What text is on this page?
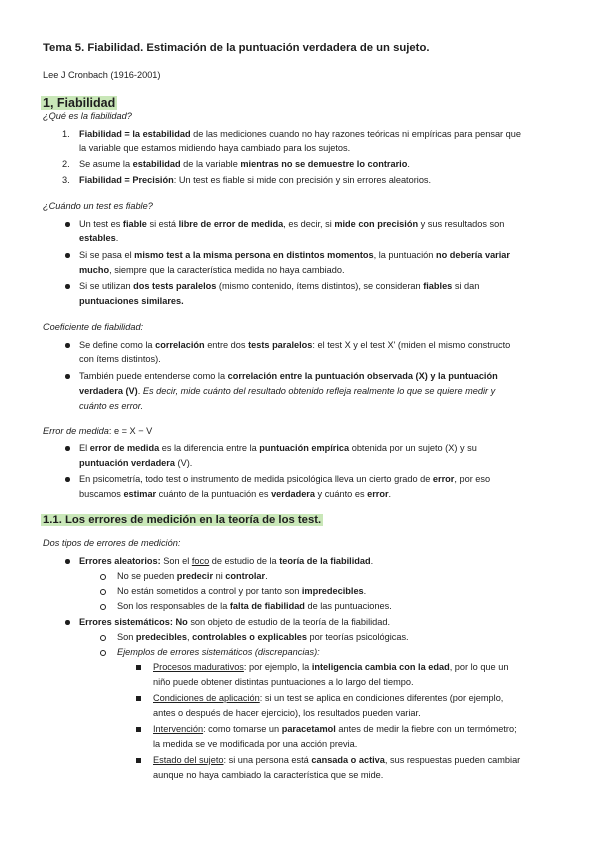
Tema 5. Fiabilidad. Estimación de la puntuación verdadera de un sujeto.
Lee J Cronbach (1916-2001)
1, Fiabilidad
¿Qué es la fiabilidad?
1. Fiabilidad = la estabilidad de las mediciones cuando no hay razones teóricas ni empíricas para pensar que
la variable que estamos midiendo haya cambiado para los sujetos.
2. Se asume la estabilidad de la variable mientras no se demuestre lo contrario.
3. Fiabilidad = Precisión: Un test es fiable si mide con precisión y sin errores aleatorios.
¿Cuándo un test es fiable?
Un test es fiable si está libre de error de medida, es decir, si mide con precisión y sus resultados son
estables.
Si se pasa el mismo test a la misma persona en distintos momentos, la puntuación no debería variar
mucho, siempre que la característica medida no haya cambiado.
Si se utilizan dos tests paralelos (mismo contenido, ítems distintos), se consideran fiables si dan
puntuaciones similares.
Coeficiente de fiabilidad:
Se define como la correlación entre dos tests paralelos: el test X y el test X' (miden el mismo constructo
con ítems distintos).
También puede entenderse como la correlación entre la puntuación observada (X) y la puntuación
verdadera (V). Es decir, mide cuánto del resultado obtenido refleja realmente lo que se quiere medir y
cuánto es error.
Error de medida: e = X − V
El error de medida es la diferencia entre la puntuación empírica obtenida por un sujeto (X) y su
puntuación verdadera (V).
En psicometría, todo test o instrumento de medida psicológica lleva un cierto grado de error, por eso
buscamos estimar cuánto de la puntuación es verdadera y cuánto es error.
1.1. Los errores de medición en la teoría de los test.
Dos tipos de errores de medición:
Errores aleatorios: Son el foco de estudio de la teoría de la fiabilidad.
No se pueden predecir ni controlar.
No están sometidos a control y por tanto son impredecibles.
Son los responsables de la falta de fiabilidad de las puntuaciones.
Errores sistemáticos: No son objeto de estudio de la teoría de la fiabilidad.
Son predecibles, controlables o explicables por teorías psicológicas.
Ejemplos de errores sistemáticos (discrepancias):
Procesos madurativos: por ejemplo, la inteligencia cambia con la edad, por lo que un
niño puede obtener distintas puntuaciones a lo largo del tiempo.
Condiciones de aplicación: si un test se aplica en condiciones diferentes (por ejemplo,
antes o después de hacer ejercicio), los resultados pueden variar.
Intervención: como tomarse un paracetamol antes de medir la fiebre con un termómetro;
la medida se ve modificada por una acción previa.
Estado del sujeto: si una persona está cansada o activa, sus respuestas pueden cambiar
aunque no haya cambiado la característica que se mide.
